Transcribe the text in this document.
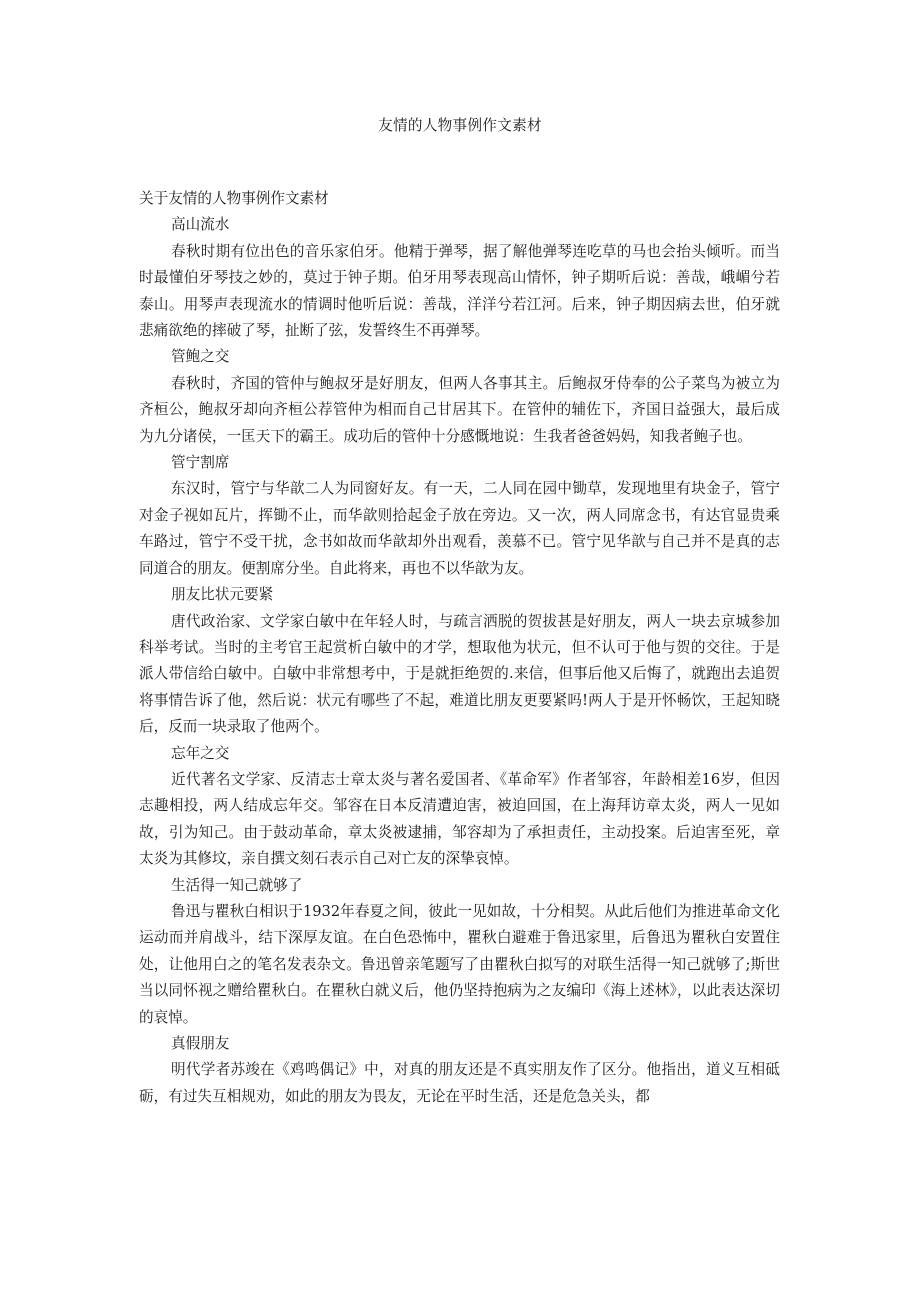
友情的人物事例作文素材

关于友情的人物事例作文素材

高山流水

春秋时期有位出色的音乐家伯牙。他精于弹琴，据了解他弹琴连吃草的马也会抬头倾听。而当时最懂伯牙琴技之妙的，莫过于钟子期。伯牙用琴表现高山情怀，钟子期听后说：善哉，峨嵋兮若泰山。用琴声表现流水的情调时他听后说：善哉，洋洋兮若江河。后来，钟子期因病去世，伯牙就悲痛欲绝的摔破了琴，扯断了弦，发誓终生不再弹琴。

管鲍之交

春秋时，齐国的管仲与鲍叔牙是好朋友，但两人各事其主。后鲍叔牙侍奉的公子菜鸟为被立为齐桓公，鲍叔牙却向齐桓公荐管仲为相而自己甘居其下。在管仲的辅佐下，齐国日益强大，最后成为九分诸侯，一匡天下的霸王。成功后的管仲十分感慨地说：生我者爸爸妈妈，知我者鲍子也。

管宁割席

东汉时，管宁与华歆二人为同窗好友。有一天，二人同在园中锄草，发现地里有块金子，管宁对金子视如瓦片，挥锄不止，而华歆则拾起金子放在旁边。又一次，两人同席念书，有达官显贵乘车路过，管宁不受干扰，念书如故而华歆却外出观看，羡慕不已。管宁见华歆与自己并不是真的志同道合的朋友。便割席分坐。自此将来，再也不以华歆为友。

朋友比状元要紧

唐代政治家、文学家白敏中在年轻人时，与疏言洒脱的贺拔甚是好朋友，两人一块去京城参加科举考试。当时的主考官王起赏析白敏中的才学，想取他为状元，但不认可于他与贺的交往。于是派人带信给白敏中。白敏中非常想考中，于是就拒绝贺的.来信，但事后他又后悔了，就跑出去追贺将事情告诉了他，然后说：状元有哪些了不起，难道比朋友更要紧吗!两人于是开怀畅饮，王起知晓后，反而一块录取了他两个。

忘年之交

近代著名文学家、反清志士章太炎与著名爱国者、《革命军》作者邹容，年龄相差16岁，但因志趣相投，两人结成忘年交。邹容在日本反清遭迫害，被迫回国，在上海拜访章太炎，两人一见如故，引为知己。由于鼓动革命，章太炎被逮捕，邹容却为了承担责任，主动投案。后迫害至死，章太炎为其修坟，亲自撰文刻石表示自己对亡友的深挚哀悼。

生活得一知己就够了

鲁迅与瞿秋白相识于1932年春夏之间，彼此一见如故，十分相契。从此后他们为推进革命文化运动而并肩战斗，结下深厚友谊。在白色恐怖中，瞿秋白避难于鲁迅家里，后鲁迅为瞿秋白安置住处，让他用白之的笔名发表杂文。鲁迅曾亲笔题写了由瞿秋白拟写的对联生活得一知己就够了;斯世当以同怀视之赠给瞿秋白。在瞿秋白就义后，他仍坚持抱病为之友编印《海上述林》，以此表达深切的哀悼。

真假朋友

明代学者苏竣在《鸡鸣偶记》中，对真的朋友还是不真实朋友作了区分。他指出，道义互相砥砺，有过失互相规劝，如此的朋友为畏友，无论在平时生活，还是危急关头，都
